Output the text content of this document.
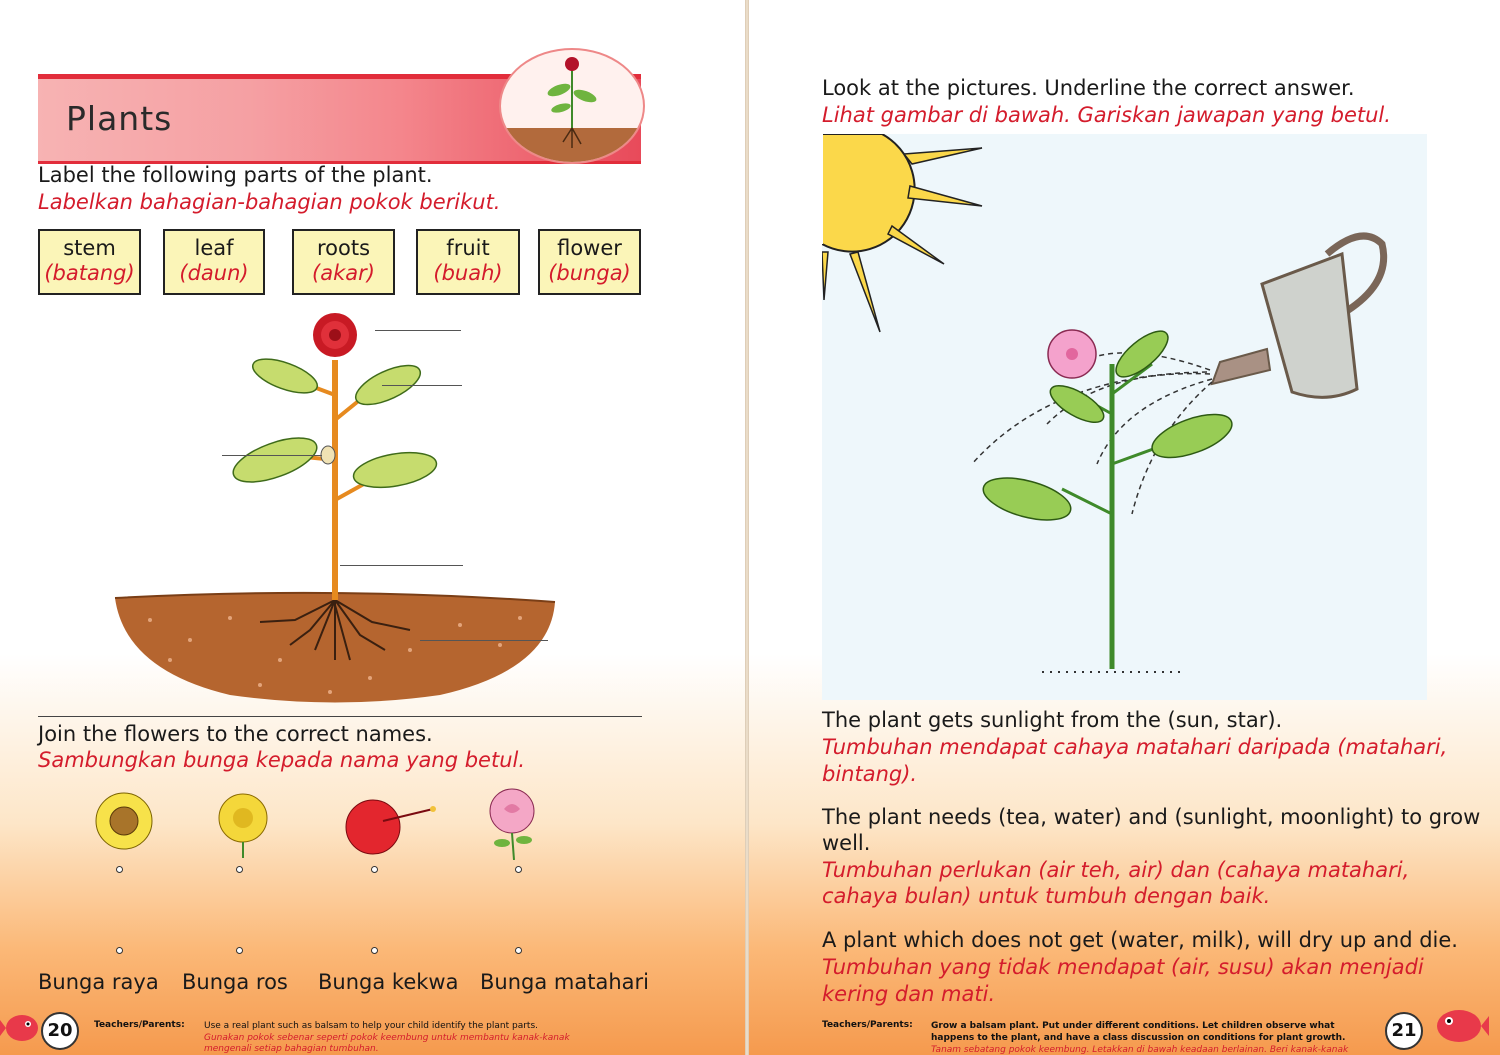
Plants
Label the following parts of the plant.
Labelkan bahagian-bahagian pokok berikut.
stem
(batang)
leaf
(daun)
roots
(akar)
fruit
(buah)
flower
(bunga)
Join the flowers to the correct names.
Sambungkan bunga kepada nama yang betul.
Bunga raya Bunga ros Bunga kekwa Bunga matahari
20	Teachers/Parents: Use a real plant such as balsam to help your child identify the plant parts.
Gunakan pokok sebenar seperti pokok keembung untuk membantu kanak-kanak
mengenali setiap bahagian tumbuhan.
Look at the pictures. Underline the correct answer.
Lihat gambar di bawah. Gariskan jawapan yang betul.
The plant gets sunlight from the (sun, star).
Tumbuhan mendapat cahaya matahari daripada (matahari,
bintang).
The plant needs (tea, water) and (sunlight, moonlight) to grow
well.
Tumbuhan perlukan (air teh, air) dan (cahaya matahari,
cahaya bulan) untuk tumbuh dengan baik.
A plant which does not get (water, milk), will dry up and die.
Tumbuhan yang tidak mendapat (air, susu) akan menjadi
kering dan mati.
Teachers/Parents: Grow a balsam plant. Put under different conditions. Let children observe what
happens to the plant, and have a class discussion on conditions for plant growth.
Tanam sebatang pokok keembung. Letakkan di bawah keadaan berlainan. Beri kanak-kanak
21
